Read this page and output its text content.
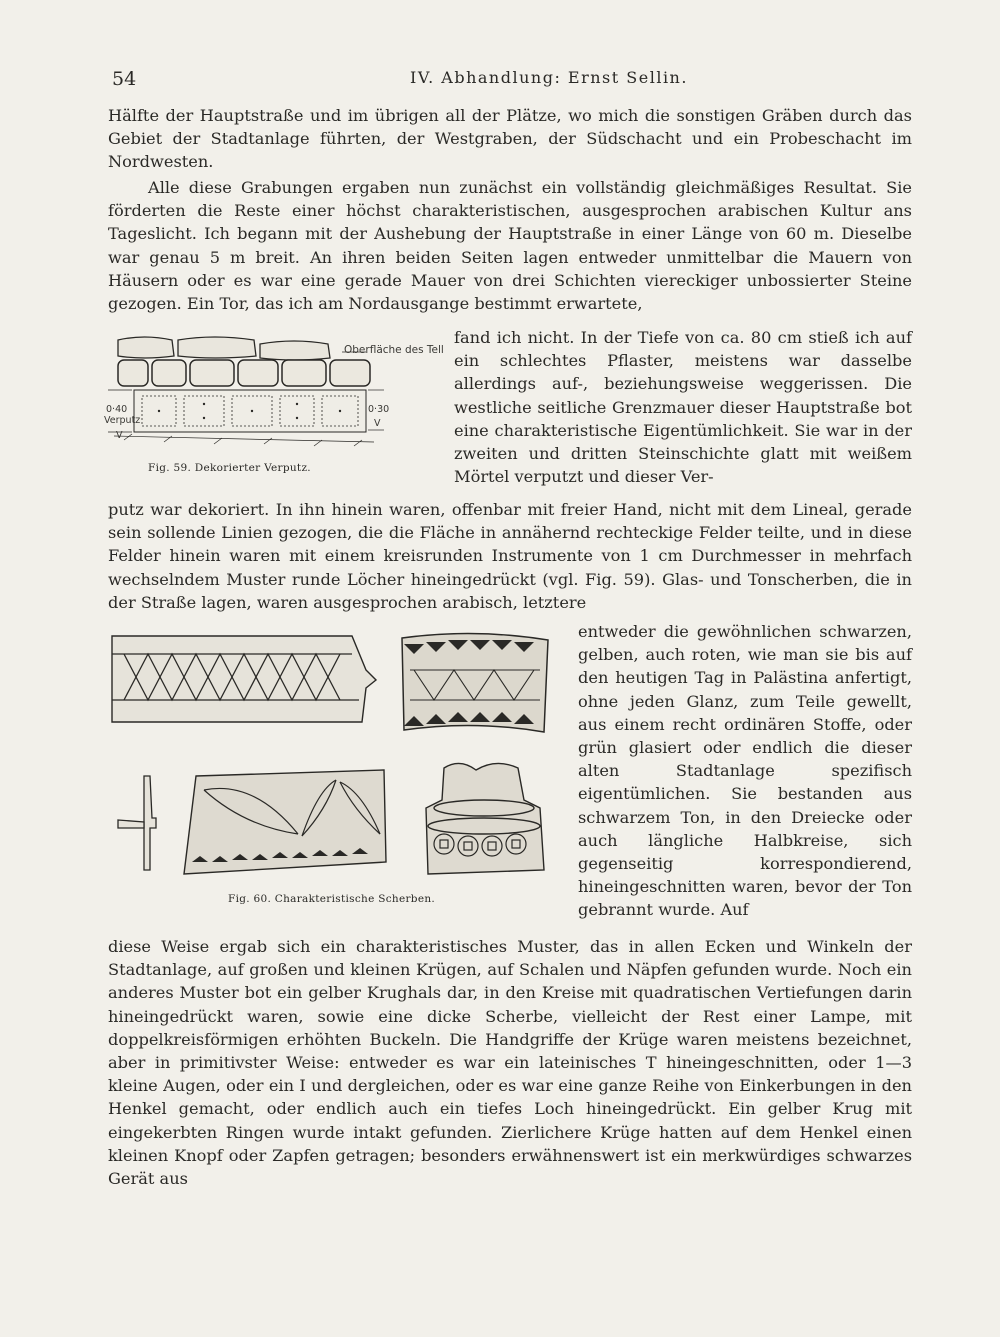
54	IV. Abhandlung: Ernst Sellin.

Hälfte der Hauptstraße und im übrigen all der Plätze, wo mich die sonstigen Gräben durch das Gebiet der Stadtanlage führten, der Westgraben, der Südschacht und ein Probeschacht im Nordwesten.

Alle diese Grabungen ergaben nun zunächst ein vollständig gleichmäßiges Resultat. Sie förderten die Reste einer höchst charakteristischen, ausgesprochen arabischen Kultur ans Tageslicht. Ich begann mit der Aushebung der Hauptstraße in einer Länge von 60 m. Dieselbe war genau 5 m breit. An ihren beiden Seiten lagen entweder unmittelbar die Mauern von Häusern oder es war eine gerade Mauer von drei Schichten viereckiger unbossierter Steine gezogen. Ein Tor, das ich am Nordausgange bestimmt erwartete,

Oberfläche des Tell
0·40
Verputz
0·30
V
V
Fig. 59. Dekorierter Verputz.

fand ich nicht. In der Tiefe von ca. 80 cm stieß ich auf ein schlechtes Pflaster, meistens war dasselbe allerdings auf-, beziehungsweise weggerissen. Die westliche seitliche Grenzmauer dieser Hauptstraße bot eine charakteristische Eigentümlichkeit. Sie war in der zweiten und dritten Steinschichte glatt mit weißem Mörtel verputzt und dieser Ver-

putz war dekoriert. In ihn hinein waren, offenbar mit freier Hand, nicht mit dem Lineal, gerade sein sollende Linien gezogen, die die Fläche in annähernd rechteckige Felder teilte, und in diese Felder hinein waren mit einem kreisrunden Instrumente von 1 cm Durchmesser in mehrfach wechselndem Muster runde Löcher hineingedrückt (vgl. Fig. 59). Glas- und Tonscherben, die in der Straße lagen, waren ausgesprochen arabisch, letztere

Fig. 60. Charakteristische Scherben.

entweder die gewöhnlichen schwarzen, gelben, auch roten, wie man sie bis auf den heutigen Tag in Palästina anfertigt, ohne jeden Glanz, zum Teile gewellt, aus einem recht ordinären Stoffe, oder grün glasiert oder endlich die dieser alten Stadtanlage spezifisch eigentümlichen. Sie bestanden aus schwarzem Ton, in den Dreiecke oder auch längliche Halbkreise, sich gegenseitig korrespondierend, hineingeschnitten waren, bevor der Ton gebrannt wurde. Auf

diese Weise ergab sich ein charakteristisches Muster, das in allen Ecken und Winkeln der Stadtanlage, auf großen und kleinen Krügen, auf Schalen und Näpfen gefunden wurde. Noch ein anderes Muster bot ein gelber Krughals dar, in den Kreise mit quadratischen Vertiefungen darin hineingedrückt waren, sowie eine dicke Scherbe, vielleicht der Rest einer Lampe, mit doppelkreisförmigen erhöhten Buckeln. Die Handgriffe der Krüge waren meistens bezeichnet, aber in primitivster Weise: entweder es war ein lateinisches T hineingeschnitten, oder 1—3 kleine Augen, oder ein I und dergleichen, oder es war eine ganze Reihe von Einkerbungen in den Henkel gemacht, oder endlich auch ein tiefes Loch hineingedrückt. Ein gelber Krug mit eingekerbten Ringen wurde intakt gefunden. Zierlichere Krüge hatten auf dem Henkel einen kleinen Knopf oder Zapfen getragen; besonders erwähnenswert ist ein merkwürdiges schwarzes Gerät aus
